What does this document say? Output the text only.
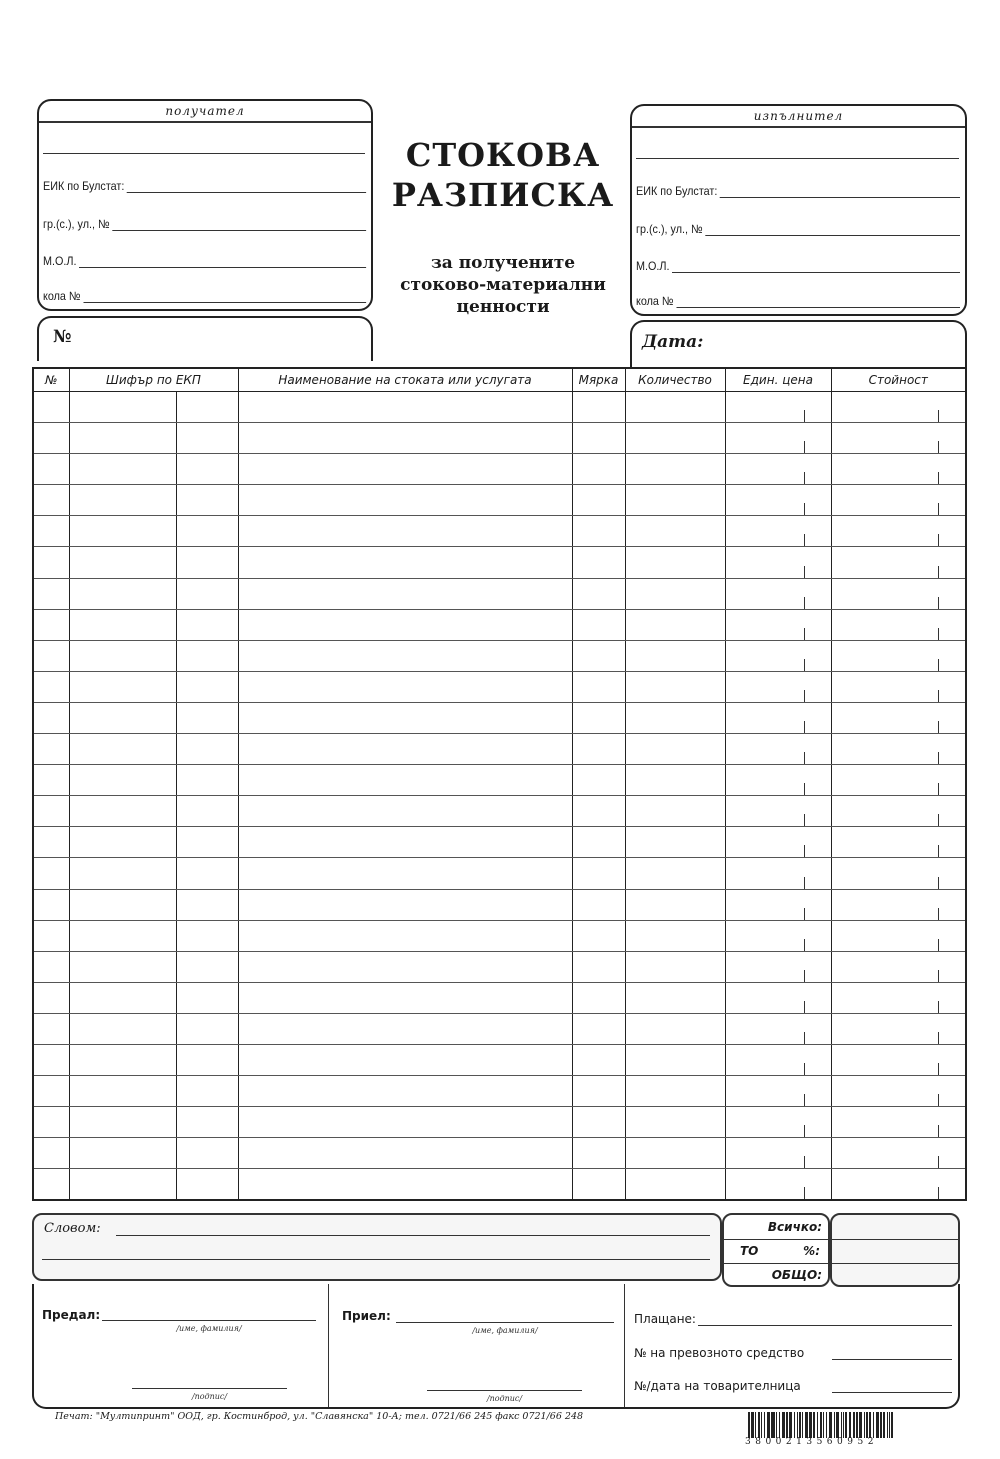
получател
ЕИК по Булстат:
гр.(с.), ул., №
М.О.Л.
кола №
№
СТОКОВА
РАЗПИСКА
за получените
стоково-материални
ценности
изпълнител
ЕИК по Булстат:
гр.(с.), ул., №
М.О.Л.
кола №
Дата:
№	Шифър по ЕКП		Наименование на стоката или услугата	Мярка	Количество	Един. цена	Стойност

Словом:	Всичко:
ТО	%:
ОБЩО:
Предал:
/име, фамилия/
/подпис/
Приел:
/име, фамилия/
/подпис/
Плащане:
№ на превозното средство
№/дата на товарителница
Печат: "Мултипринт" ООД, гр. Костинброд, ул. "Славянска" 10-А; тел. 0721/66 245 факс 0721/66 248
3800213560952
